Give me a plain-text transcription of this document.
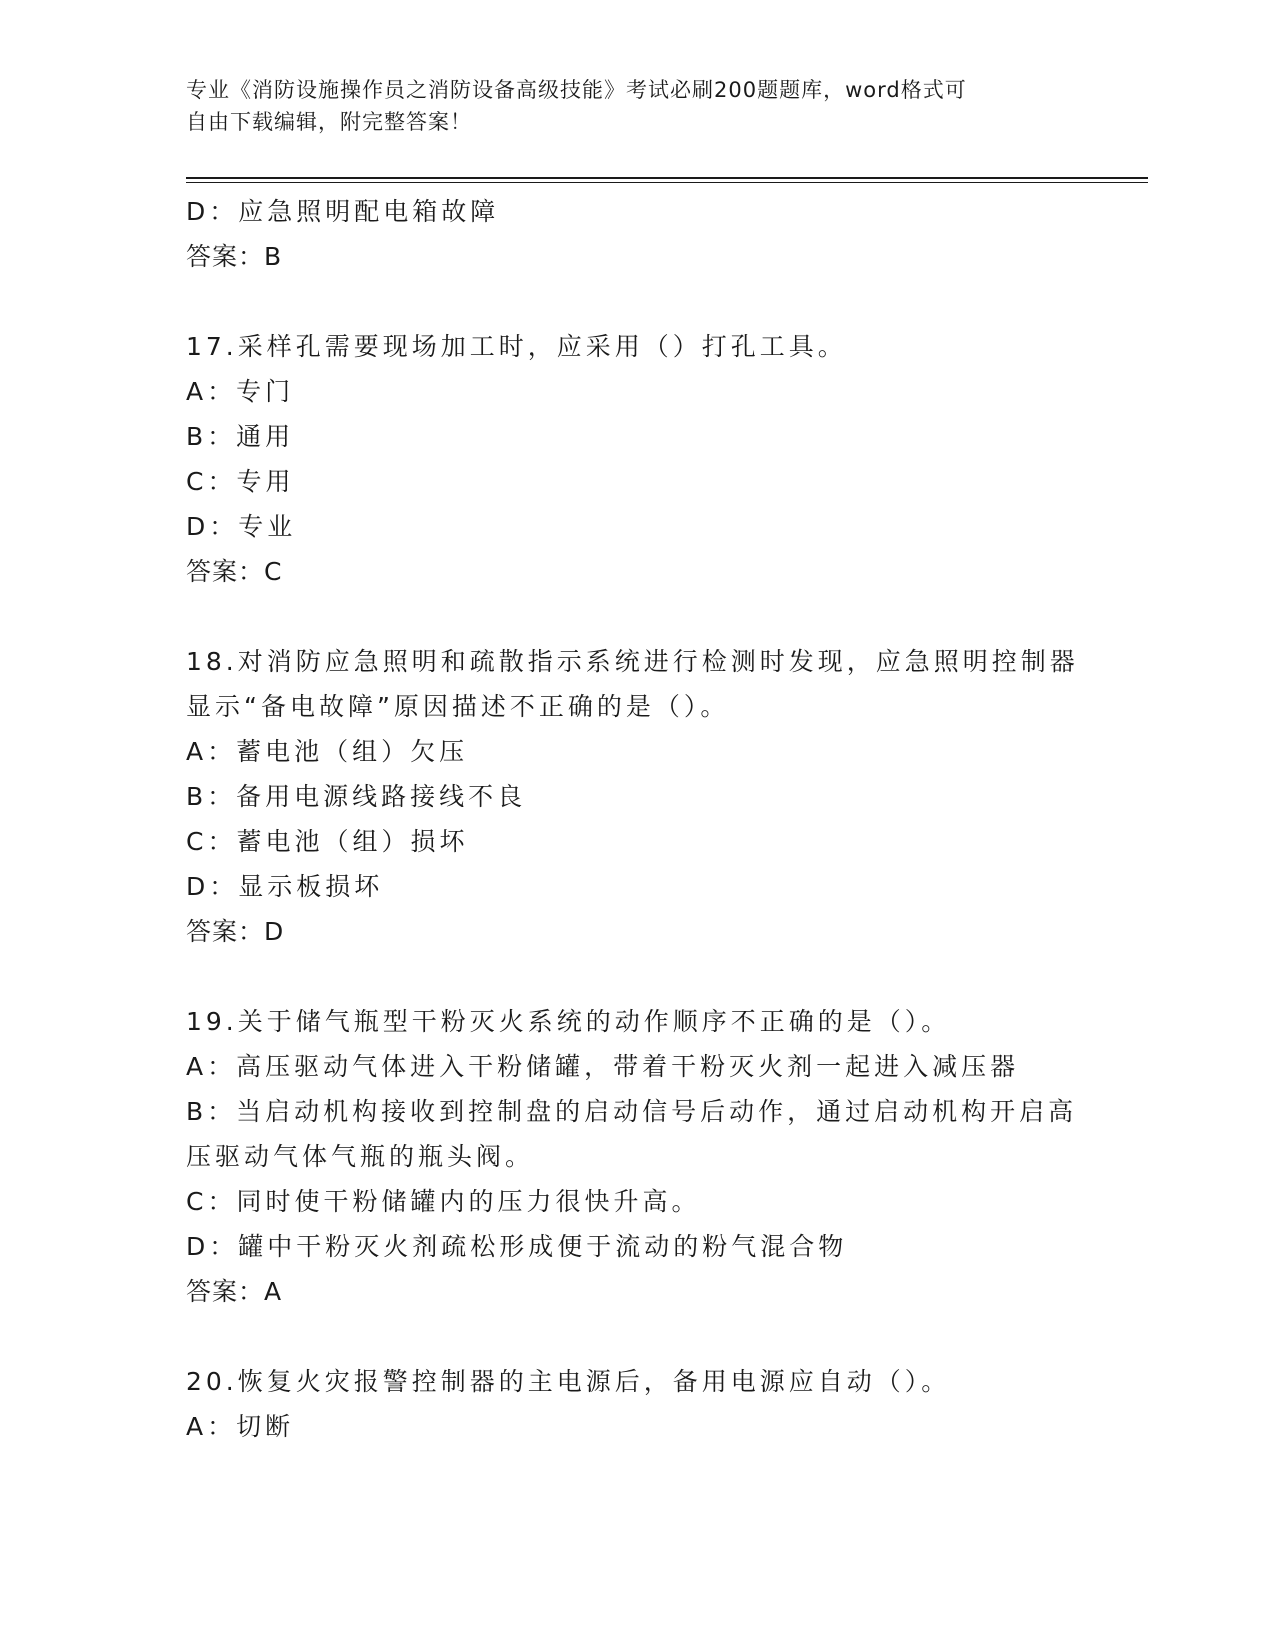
专业《消防设施操作员之消防设备高级技能》考试必刷200题题库，word格式可
自由下载编辑，附完整答案！
D：应急照明配电箱故障
答案：B
17.采样孔需要现场加工时，应采用（）打孔工具。
A：专门
B：通用
C：专用
D：专业
答案：C
18.对消防应急照明和疏散指示系统进行检测时发现，应急照明控制器
显示“备电故障”原因描述不正确的是（）。
A：蓄电池（组）欠压
B：备用电源线路接线不良
C：蓄电池（组）损坏
D：显示板损坏
答案：D
19.关于储气瓶型干粉灭火系统的动作顺序不正确的是（）。
A：高压驱动气体进入干粉储罐，带着干粉灭火剂一起进入减压器
B：当启动机构接收到控制盘的启动信号后动作，通过启动机构开启高
压驱动气体气瓶的瓶头阀。
C：同时使干粉储罐内的压力很快升高。
D：罐中干粉灭火剂疏松形成便于流动的粉气混合物
答案：A
20.恢复火灾报警控制器的主电源后，备用电源应自动（）。
A：切断
